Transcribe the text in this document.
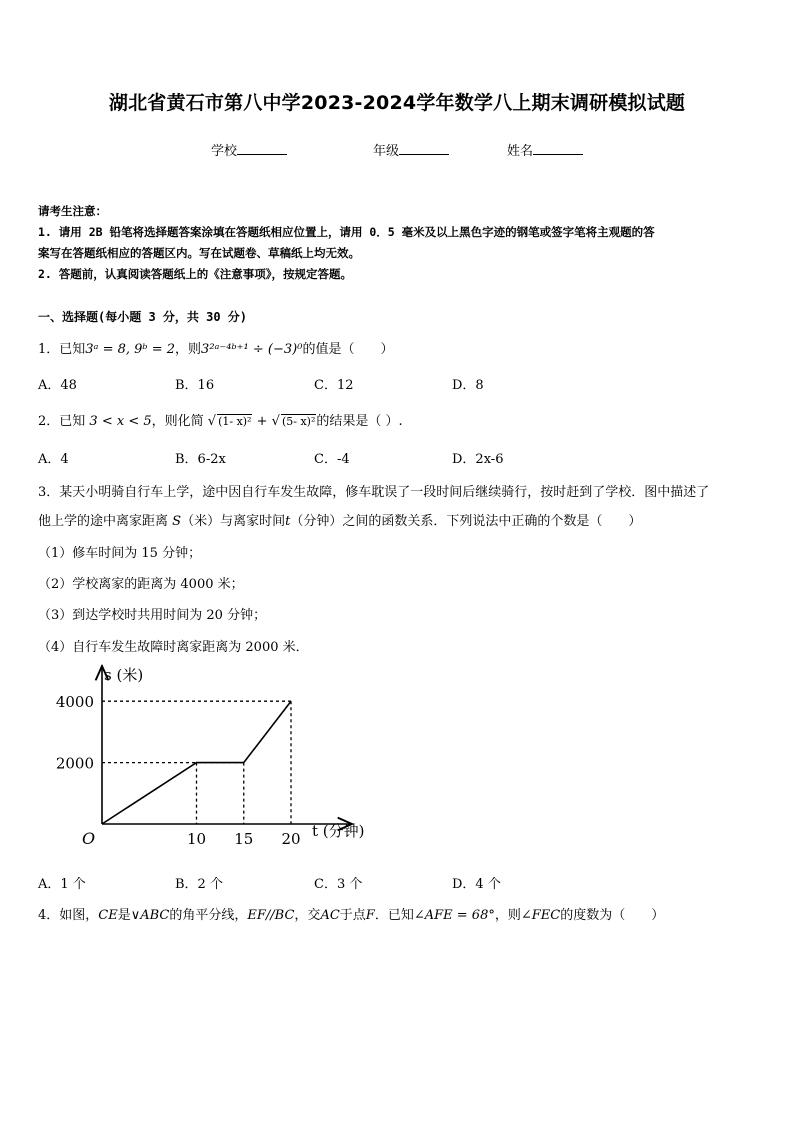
湖北省黄石市第八中学2023-2024学年数学八上期末调研模拟试题
学校	年级	姓名
请考生注意：
1. 请用 2B 铅笔将选择题答案涂填在答题纸相应位置上，请用 0．5 毫米及以上黑色字迹的钢笔或签字笔将主观题的答
案写在答题纸相应的答题区内。写在试题卷、草稿纸上均无效。
2. 答题前，认真阅读答题纸上的《注意事项》，按规定答题。
一、选择题(每小题 3 分，共 30 分)
1．已知3ᵃ = 8, 9ᵇ = 2，则3²ᵃ⁻⁴ᵇ⁺¹ ÷ (−3)⁰的值是（　　）
A．48	B．16	C．12	D．8
2．已知 3 < x < 5，则化简 √ (1- x)² + √ (5- x)²的结果是（ ）.
A．4	B．6-2x	C．-4	D．2x-6
3．某天小明骑自行车上学，途中因自行车发生故障，修车耽误了一段时间后继续骑行，按时赶到了学校．图中描述了
他上学的途中离家距离 S（米）与离家时间t（分钟）之间的函数关系．下列说法中正确的个数是（　　）
（1）修车时间为 15 分钟；
（2）学校离家的距离为 4000 米；
（3）到达学校时共用时间为 20 分钟；
（4）自行车发生故障时离家距离为 2000 米．
2000
4000
10 15 20
s (米)
t (分钟)
O
A．1 个	B．2 个	C．3 个	D．4 个
4．如图，CE是∨ABC的角平分线，EF//BC，交AC于点F．已知∠AFE = 68°，则∠FEC的度数为（　　）
